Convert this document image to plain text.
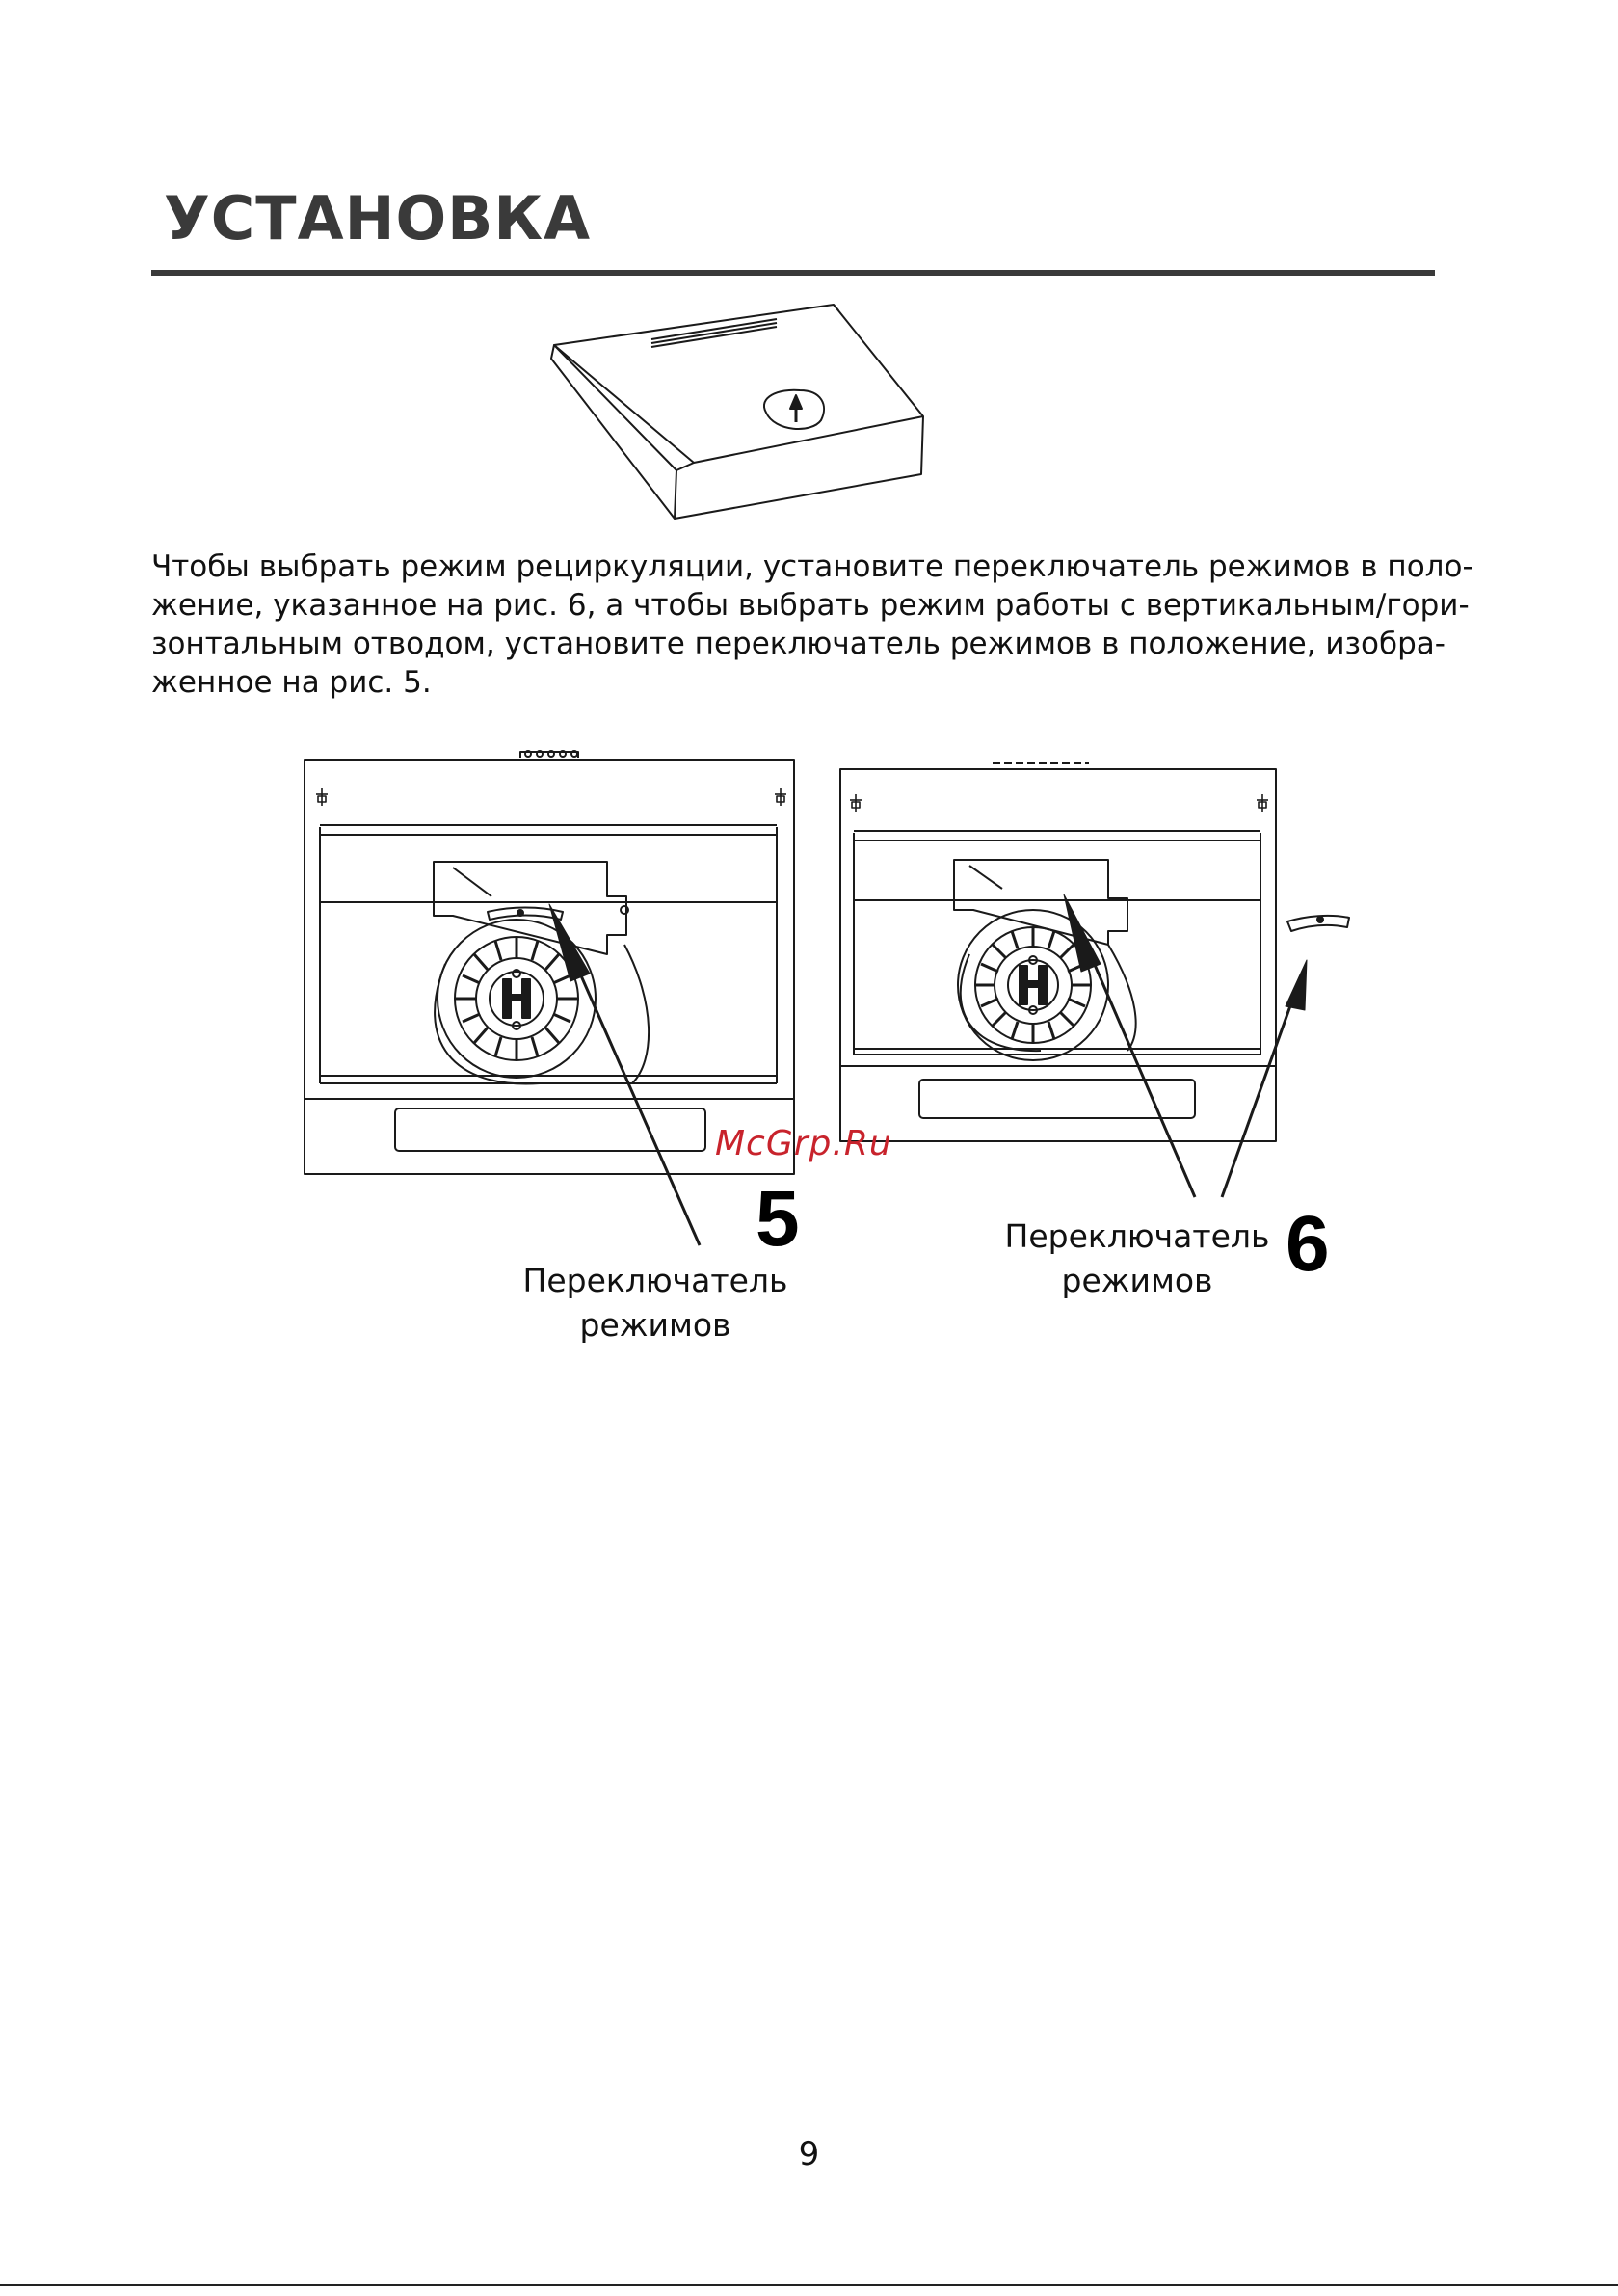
УСТАНОВКА
Чтобы выбрать режим рециркуляции, установите переключатель режимов в поло-
жение, указанное на рис. 6, а чтобы выбрать режим работы с вертикальным/гори-
зонтальным отводом, установите переключатель режимов в положение, изобра-
женное на рис. 5.
McGrp.Ru
5
Переключатель
режимов
Переключатель
режимов 6
9
